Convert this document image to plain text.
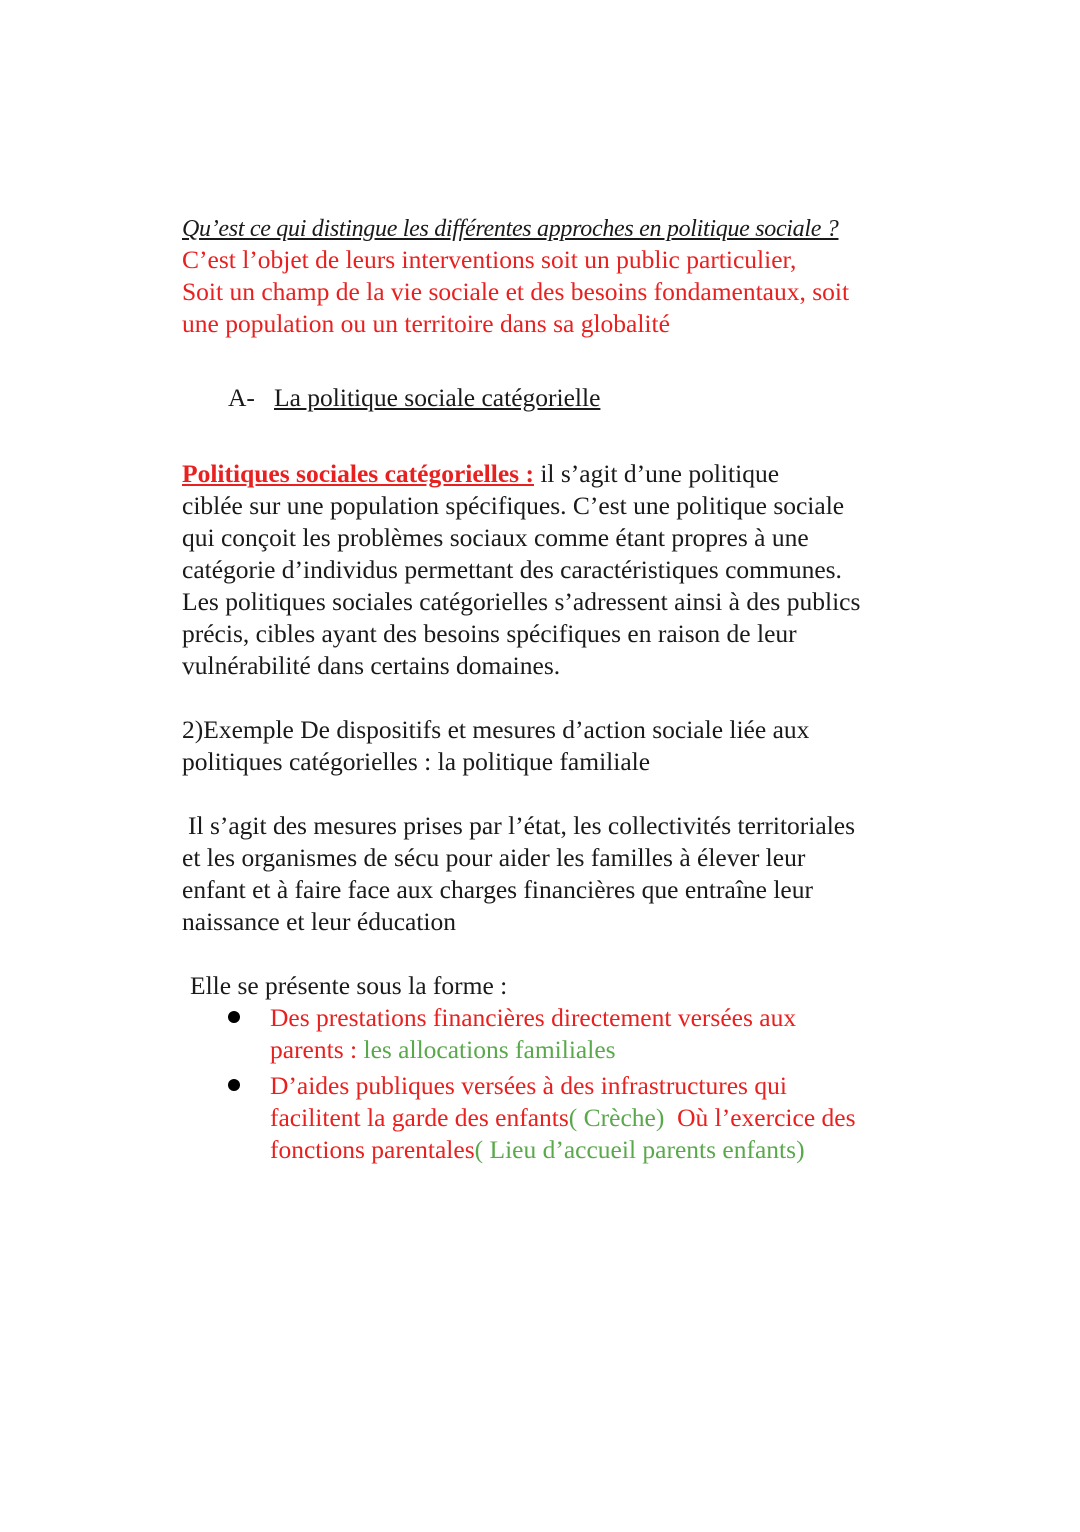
Qu’est ce qui distingue les différentes approches en politique sociale ?

C’est l’objet de leurs interventions soit un public particulier,
Soit un champ de la vie sociale et des besoins fondamentaux, soit
une population ou un territoire dans sa globalité
A- La politique sociale catégorielle
Politiques sociales catégorielles : il s’agit d’une politique
ciblée sur une population spécifiques. C’est une politique sociale
qui conçoit les problèmes sociaux comme étant propres à une
catégorie d’individus permettant des caractéristiques communes.
Les politiques sociales catégorielles s’adressent ainsi à des publics
précis, cibles ayant des besoins spécifiques en raison de leur
vulnérabilité dans certains domaines.
2)Exemple De dispositifs et mesures d’action sociale liée aux
politiques catégorielles : la politique familiale
Il s’agit des mesures prises par l’état, les collectivités territoriales
et les organismes de sécu pour aider les familles à élever leur
enfant et à faire face aux charges financières que entraîne leur
naissance et leur éducation
Elle se présente sous la forme :
Des prestations financières directement versées aux
parents : les allocations familiales
D’aides publiques versées à des infrastructures qui
facilitent la garde des enfants( Crèche)  Où l’exercice des
fonctions parentales( Lieu d’accueil parents enfants)
